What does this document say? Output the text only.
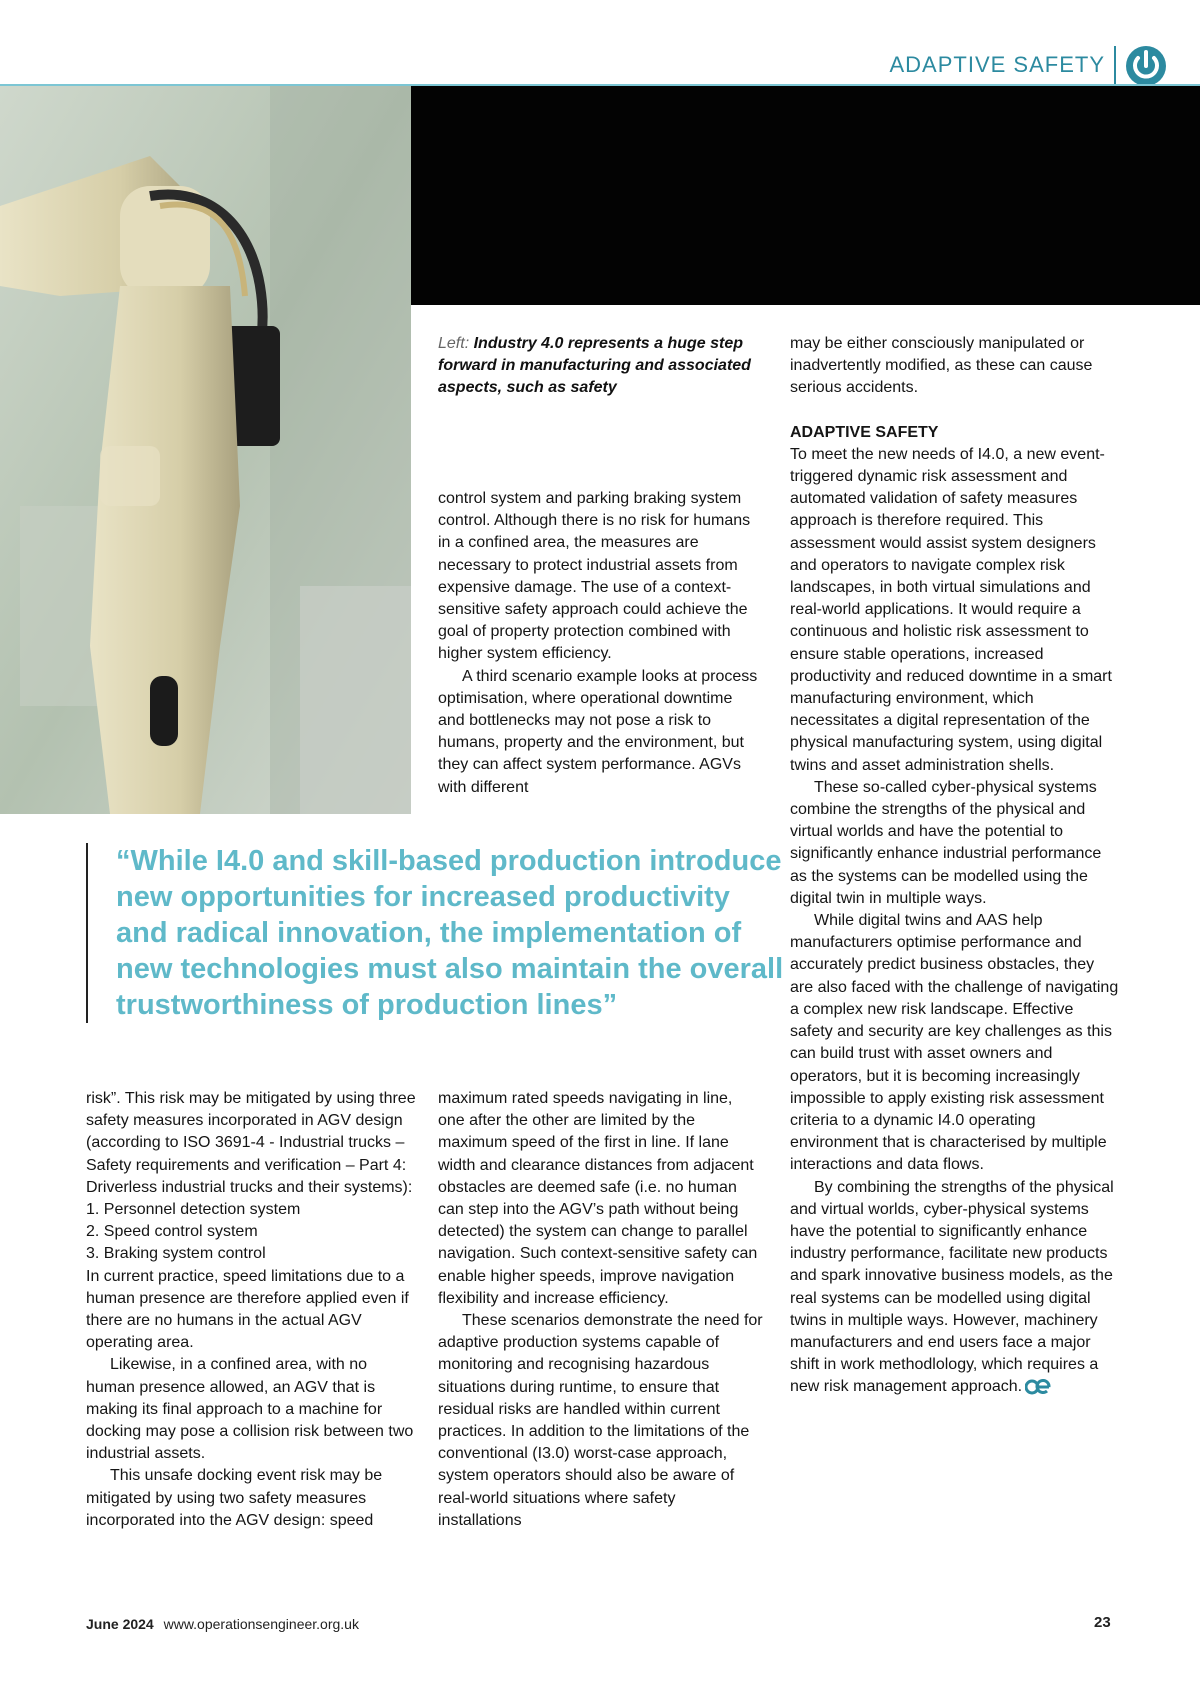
ADAPTIVE SAFETY
Left: Industry 4.0 represents a huge step forward in manufacturing and associated aspects, such as safety

control system and parking braking system control. Although there is no risk for humans in a confined area, the measures are necessary to protect industrial assets from expensive damage. The use of a context-sensitive safety approach could achieve the goal of property protection combined with higher system efficiency.

A third scenario example looks at process optimisation, where operational downtime and bottlenecks may not pose a risk to humans, property and the environment, but they can affect system performance. AGVs with different

may be either consciously manipulated or inadvertently modified, as these can cause serious accidents.

ADAPTIVE SAFETY

To meet the new needs of I4.0, a new event-triggered dynamic risk assessment and automated validation of safety measures approach is therefore required. This assessment would assist system designers and operators to navigate complex risk landscapes, in both virtual simulations and real-world applications. It would require a continuous and holistic risk assessment to ensure stable operations, increased productivity and reduced downtime in a smart manufacturing environment, which necessitates a digital representation of the physical manufacturing system, using digital twins and asset administration shells.

These so-called cyber-physical systems combine the strengths of the physical and virtual worlds and have the potential to significantly enhance industrial performance as the systems can be modelled using the digital twin in multiple ways.

While digital twins and AAS help manufacturers optimise performance and accurately predict business obstacles, they are also faced with the challenge of navigating a complex new risk landscape. Effective safety and security are key challenges as this can build trust with asset owners and operators, but it is becoming increasingly impossible to apply existing risk assessment criteria to a dynamic I4.0 operating environment that is characterised by multiple interactions and data flows.

By combining the strengths of the physical and virtual worlds, cyber-physical systems have the potential to significantly enhance industry performance, facilitate new products and spark innovative business models, as the real systems can be modelled using digital twins in multiple ways. However, machinery manufacturers and end users face a major shift in work methodlology, which requires a new risk management approach.

“While I4.0 and skill-based production introduce new opportunities for increased productivity and radical innovation, the implementation of new technologies must also maintain the overall trustworthiness of production lines”

risk”. This risk may be mitigated by using three safety measures incorporated in AGV design (according to ISO 3691-4 - Industrial trucks – Safety requirements and verification – Part 4: Driverless industrial trucks and their systems):

1. Personnel detection system

2. Speed control system

3. Braking system control

In current practice, speed limitations due to a human presence are therefore applied even if there are no humans in the actual AGV operating area.

Likewise, in a confined area, with no human presence allowed, an AGV that is making its final approach to a machine for docking may pose a collision risk between two industrial assets.

This unsafe docking event risk may be mitigated by using two safety measures incorporated into the AGV design: speed

maximum rated speeds navigating in line, one after the other are limited by the maximum speed of the first in line. If lane width and clearance distances from adjacent obstacles are deemed safe (i.e. no human can step into the AGV’s path without being detected) the system can change to parallel navigation. Such context-sensitive safety can enable higher speeds, improve navigation flexibility and increase efficiency.

These scenarios demonstrate the need for adaptive production systems capable of monitoring and recognising hazardous situations during runtime, to ensure that residual risks are handled within current practices. In addition to the limitations of the conventional (I3.0) worst-case approach, system operators should also be aware of real-world situations where safety installations

June 2024 www.operationsengineer.org.uk	23
